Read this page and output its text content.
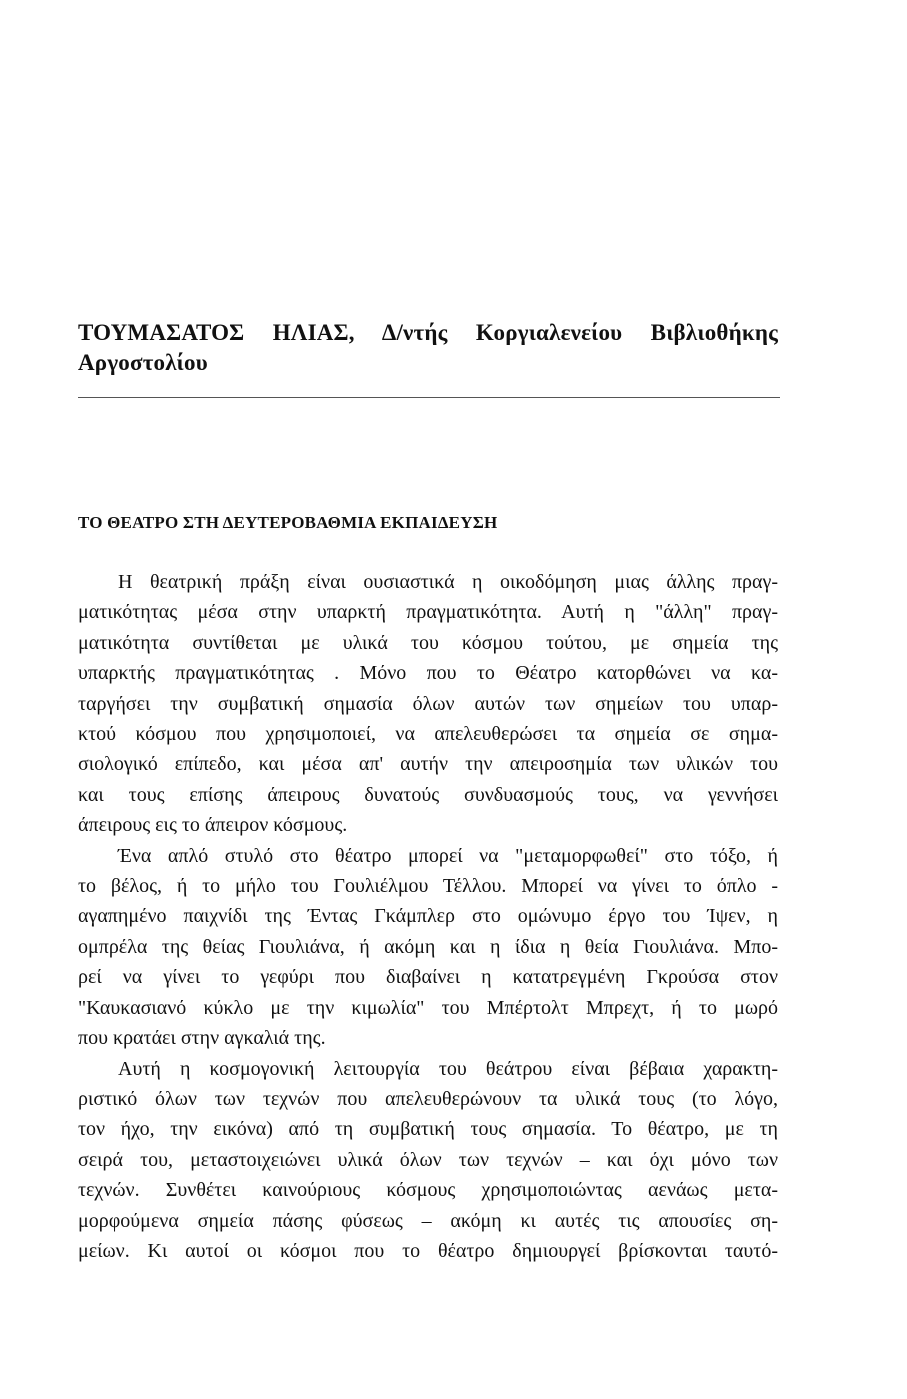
ΤΟΥΜΑΣΑΤΟΣ ΗΛΙΑΣ, Δ/ντής Κοργιαλενείου Βιβλιοθήκης
Αργοστολίου
ΤΟ ΘΕΑΤΡΟ ΣΤΗ ΔΕΥΤΕΡΟΒΑΘΜΙΑ ΕΚΠΑΙΔΕΥΣΗ

Η θεατρική πράξη είναι ουσιαστικά η οικοδόμηση μιας άλλης πραγ-
ματικότητας μέσα στην υπαρκτή πραγματικότητα. Αυτή η "άλλη" πραγ-
ματικότητα συντίθεται με υλικά του κόσμου τούτου, με σημεία της
υπαρκτής πραγματικότητας . Μόνο που το Θέατρο κατορθώνει να κα-
ταργήσει την συμβατική σημασία όλων αυτών των σημείων του υπαρ-
κτού κόσμου που χρησιμοποιεί, να απελευθερώσει τα σημεία σε σημα-
σιολογικό επίπεδο, και μέσα απ' αυτήν την απειροσημία των υλικών του
και τους επίσης άπειρους δυνατούς συνδυασμούς τους, να γεννήσει
άπειρους εις το άπειρον κόσμους.

Ένα απλό στυλό στο θέατρο μπορεί να "μεταμορφωθεί" στο τόξο, ή
το βέλος, ή το μήλο του Γουλιέλμου Τέλλου. Μπορεί να γίνει το όπλο -
αγαπημένο παιχνίδι της Έντας Γκάμπλερ στο ομώνυμο έργο του Ίψεν, η
ομπρέλα της θείας Γιουλιάνα, ή ακόμη και η ίδια η θεία Γιουλιάνα. Μπο-
ρεί να γίνει το γεφύρι που διαβαίνει η κατατρεγμένη Γκρούσα στον
"Καυκασιανό κύκλο με την κιμωλία" του Μπέρτολτ Μπρεχτ, ή το μωρό
που κρατάει στην αγκαλιά της.

Αυτή η κοσμογονική λειτουργία του θεάτρου είναι βέβαια χαρακτη-
ριστικό όλων των τεχνών που απελευθερώνουν τα υλικά τους (το λόγο,
τον ήχο, την εικόνα) από τη συμβατική τους σημασία. Το θέατρο, με τη
σειρά του, μεταστοιχειώνει υλικά όλων των τεχνών – και όχι μόνο των
τεχνών. Συνθέτει καινούριους κόσμους χρησιμοποιώντας αενάως μετα-
μορφούμενα σημεία πάσης φύσεως – ακόμη κι αυτές τις απουσίες ση-
μείων. Κι αυτοί οι κόσμοι που το θέατρο δημιουργεί βρίσκονται ταυτό-
